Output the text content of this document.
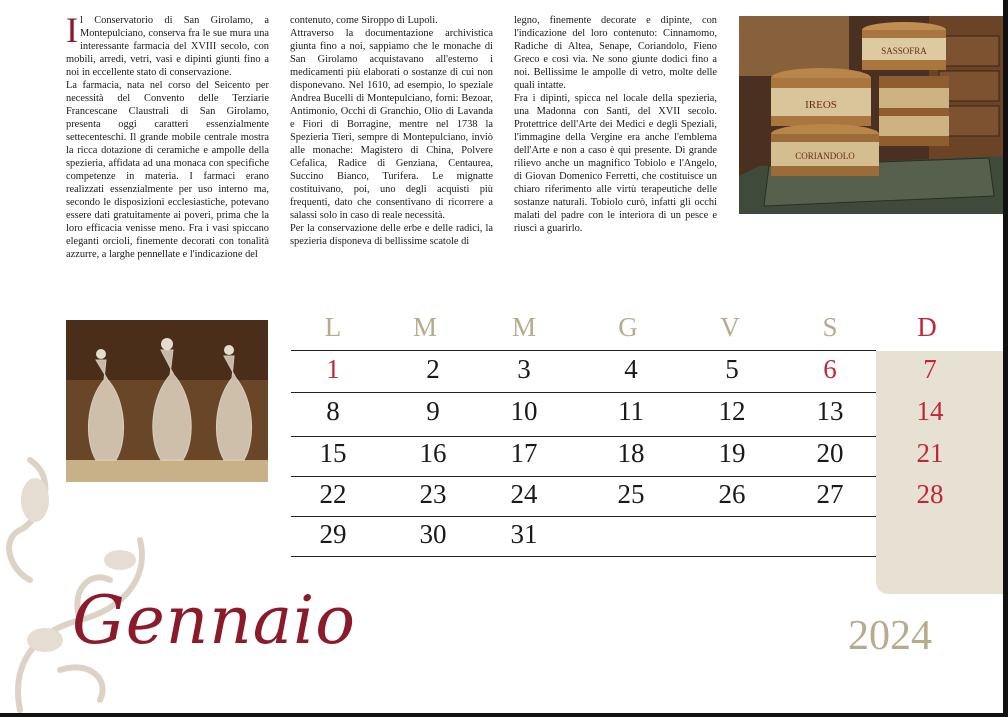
Il Conservatorio di San Girolamo, a Montepulciano, conserva fra le sue mura una interessante farmacia del XVIII secolo, con mobili, arredi, vetri, vasi e dipinti giunti fino a noi in eccellente stato di conservazione.

La farmacia, nata nel corso del Seicento per necessità del Convento delle Terziarie Francescane Claustrali di San Girolamo, presenta oggi caratteri essenzialmente settecenteschi. Il grande mobile centrale mostra la ricca dotazione di ceramiche e ampolle della spezieria, affidata ad una monaca con specifiche competenze in materia. I farmaci erano realizzati essenzialmente per uso interno ma, secondo le disposizioni ecclesiastiche, potevano essere dati gratuitamente ai poveri, prima che la loro efficacia venisse meno. Fra i vasi spiccano eleganti orcioli, finemente decorati con tonalità azzurre, a larghe pennellate e l'indicazione del

contenuto, come Siroppo di Lupoli.

Attraverso la documentazione archivistica giunta fino a noi, sappiamo che le monache di San Girolamo acquistavano all'esterno i medicamenti più elaborati o sostanze di cui non disponevano. Nel 1610, ad esempio, lo speziale Andrea Bucelli di Montepulciano, fornì: Bezoar, Antimonio, Occhi di Granchio, Olio di Lavanda e Fiori di Borragine, mentre nel 1738 la Spezieria Tieri, sempre di Montepulciano, inviò alle monache: Magistero di China, Polvere Cefalica, Radice di Genziana, Centaurea, Succino Bianco, Turifera. Le mignatte costituivano, poi, uno degli acquisti più frequenti, dato che consentivano di ricorrere a salassi solo in caso di reale necessità.

Per la conservazione delle erbe e delle radici, la spezieria disponeva di bellissime scatole di

legno, finemente decorate e dipinte, con l'indicazione del loro contenuto: Cinnamomo, Radiche di Altea, Senape, Coriandolo, Fieno Greco e così via. Ne sono giunte dodici fino a noi. Bellissime le ampolle di vetro, molte delle quali intatte.

Fra i dipinti, spicca nel locale della spezieria, una Madonna con Santi, del XVII secolo. Protettrice dell'Arte dei Medici e degli Speziali, l'immagine della Vergine era anche l'emblema dell'Arte e non a caso è qui presente. Di grande rilievo anche un magnifico Tobiolo e l'Angelo, di Giovan Domenico Ferretti, che costituisce un chiaro riferimento alle virtù terapeutiche delle sostanze naturali. Tobiolo curò, infatti gli occhi malati del padre con le interiora di un pesce e riuscì a guarirlo.

IREOS
CORIANDOLO
SASSOFRA
L	M	M	G	V	S	D
1	2	3	4	5	6	7
8	9	10	11	12	13	14
15	16	17	18	19	20	21
22	23	24	25	26	27	28
29	30	31
Gennaio	2024
